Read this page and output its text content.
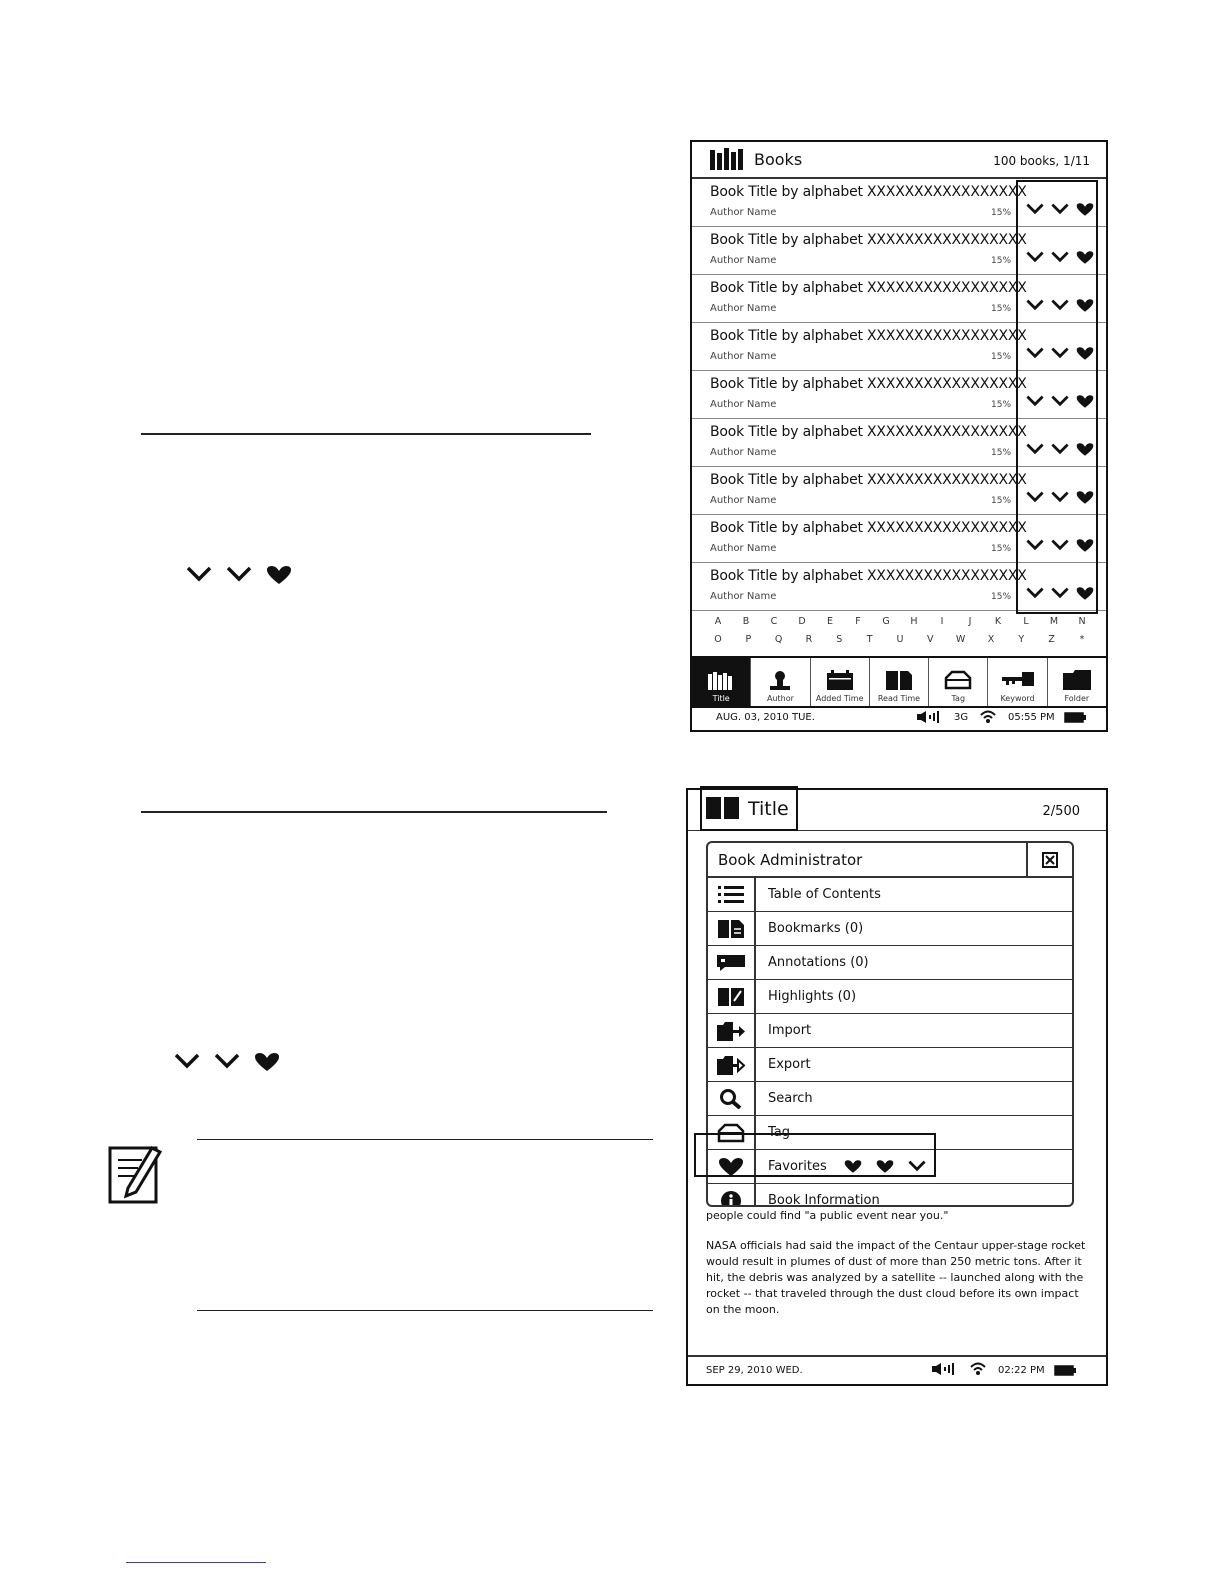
Books	100 books, 1/11
Book Title by alphabet XXXXXXXXXXXXXXXXX
Author Name	15%
Book Title by alphabet XXXXXXXXXXXXXXXXX
Author Name	15%
Book Title by alphabet XXXXXXXXXXXXXXXXX
Author Name	15%
Book Title by alphabet XXXXXXXXXXXXXXXXX
Author Name	15%
Book Title by alphabet XXXXXXXXXXXXXXXXX
Author Name	15%
Book Title by alphabet XXXXXXXXXXXXXXXXX
Author Name	15%
Book Title by alphabet XXXXXXXXXXXXXXXXX
Author Name	15%
Book Title by alphabet XXXXXXXXXXXXXXXXX
Author Name	15%
Book Title by alphabet XXXXXXXXXXXXXXXXX
Author Name	15%
A	B	C	D	E	F	G	H	I	J	K	L	M	N
O	P	Q	R	S	T	U	V	W	X	Y	Z	*
Title	Author	Added Time Read Time	Tag	Keyword	Folder
AUG. 03, 2010 TUE.	3G	05:55 PM
Title	2/500
Book Administrator
Table of Contents
Bookmarks (0)
Annotations (0)
Highlights (0)
Import
Export
Search
Tag
Favorites
Book Information

people could find "a public event near you."

NASA officials had said the impact of the Centaur upper-stage rocket would result in plumes of dust of more than 250 metric tons. After it hit, the debris was analyzed by a satellite -- launched along with the rocket -- that traveled through the dust cloud before its own impact on the moon.

SEP 29, 2010 WED.	02:22 PM
